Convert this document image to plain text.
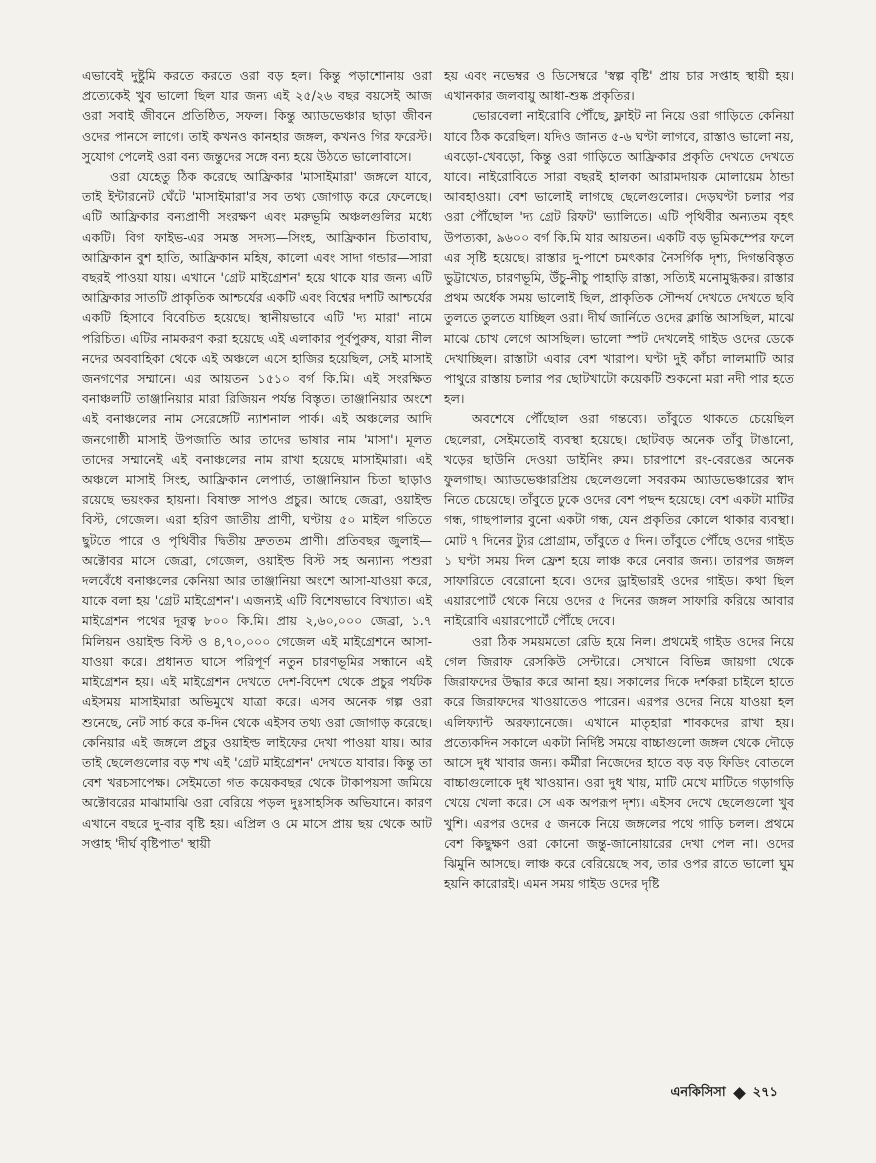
এভাবেই দুষ্টুমি করতে করতে ওরা বড় হল। কিন্তু পড়াশোনায় ওরা প্রত্যেকেই খুব ভালো ছিল যার জন্য এই ২৫/২৬ বছর বয়সেই আজ ওরা সবাই জীবনে প্রতিষ্ঠিত, সফল। কিন্তু অ্যাডভেঞ্চার ছাড়া জীবন ওদের পানসে লাগে। তাই কখনও কানহার জঙ্গল, কখনও গির ফরেস্ট। সুযোগ পেলেই ওরা বন্য জন্তুদের সঙ্গে বন্য হয়ে উঠতে ভালোবাসে।

ওরা যেহেতু ঠিক করেছে আফ্রিকার 'মাসাইমারা' জঙ্গলে যাবে, তাই ইন্টারনেট ঘেঁটে 'মাসাইমারা'র সব তথ্য জোগাড় করে ফেলেছে। এটি আফ্রিকার বন্যপ্রাণী সংরক্ষণ এবং মরুভূমি অঞ্চলগুলির মধ্যে একটি। বিগ ফাইভ-এর সমস্ত সদস্য—সিংহ, আফ্রিকান চিতাবাঘ, আফ্রিকান বুশ হাতি, আফ্রিকান মহিষ, কালো এবং সাদা গন্ডার—সারা বছরই পাওয়া যায়। এখানে 'গ্রেট মাইগ্রেশন' হয়ে থাকে যার জন্য এটি আফ্রিকার সাতটি প্রাকৃতিক আশ্চর্যের একটি এবং বিশ্বের দশটি আশ্চর্যের একটি হিসাবে বিবেচিত হয়েছে। স্থানীয়ভাবে এটি 'দ্য মারা' নামে পরিচিত। এটির নামকরণ করা হয়েছে এই এলাকার পূর্বপুরুষ, যারা নীল নদের অববাহিকা থেকে এই অঞ্চলে এসে হাজির হয়েছিল, সেই মাসাই জনগণের সম্মানে। এর আয়তন ১৫১০ বর্গ কি.মি। এই সংরক্ষিত বনাঞ্চলটি তাঞ্জানিয়ার মারা রিজিয়ন পর্যন্ত বিস্তৃত। তাঞ্জানিয়ার অংশে এই বনাঞ্চলের নাম সেরেঙ্গেটি ন্যাশনাল পার্ক। এই অঞ্চলের আদি জনগোষ্ঠী মাসাই উপজাতি আর তাদের ভাষার নাম 'মাসা'। মূলত তাদের সম্মানেই এই বনাঞ্চলের নাম রাখা হয়েছে মাসাইমারা। এই অঞ্চলে মাসাই সিংহ, আফ্রিকান লেপার্ড, তাঞ্জানিয়ান চিতা ছাড়াও রয়েছে ভয়ংকর হায়না। বিষাক্ত সাপও প্রচুর। আছে জেব্রা, ওয়াইল্ড বিস্ট, গেজেল। এরা হরিণ জাতীয় প্রাণী, ঘণ্টায় ৫০ মাইল গতিতে ছুটতে পারে ও পৃথিবীর দ্বিতীয় দ্রুততম প্রাণী। প্রতিবছর জুলাই—অক্টোবর মাসে জেব্রা, গেজেল, ওয়াইল্ড বিস্ট সহ অন্যান্য পশুরা দলবেঁধে বনাঞ্চলের কেনিয়া আর তাঞ্জানিয়া অংশে আসা-যাওয়া করে, যাকে বলা হয় 'গ্রেট মাইগ্রেশন'। এজন্যই এটি বিশেষভাবে বিখ্যাত। এই মাইগ্রেশন পথের দূরত্ব ৮০০ কি.মি। প্রায় ২,৬০,০০০ জেব্রা, ১.৭ মিলিয়ন ওয়াইল্ড বিস্ট ও ৪,৭০,০০০ গেজেল এই মাইগ্রেশনে আসা-যাওয়া করে। প্রধানত ঘাসে পরিপূর্ণ নতুন চারণভূমির সন্ধানে এই মাইগ্রেশন হয়। এই মাইগ্রেশন দেখতে দেশ-বিদেশ থেকে প্রচুর পর্যটক এইসময় মাসাইমারা অভিমুখে যাত্রা করে। এসব অনেক গল্প ওরা শুনেছে, নেট সার্চ করে ক-দিন থেকে এইসব তথ্য ওরা জোগাড় করেছে। কেনিয়ার এই জঙ্গলে প্রচুর ওয়াইল্ড লাইফের দেখা পাওয়া যায়। আর তাই ছেলেগুলোর বড় শখ এই 'গ্রেট মাইগ্রেশন' দেখতে যাবার। কিন্তু তা বেশ খরচসাপেক্ষ। সেইমতো গত কয়েকবছর থেকে টাকাপয়সা জমিয়ে অক্টোবরের মাঝামাঝি ওরা বেরিয়ে পড়ল দুঃসাহসিক অভিযানে। কারণ এখানে বছরে দু-বার বৃষ্টি হয়। এপ্রিল ও মে মাসে প্রায় ছয় থেকে আট সপ্তাহ 'দীর্ঘ বৃষ্টিপাত' স্থায়ী

হয় এবং নভেম্বর ও ডিসেম্বরে 'স্বল্প বৃষ্টি' প্রায় চার সপ্তাহ স্থায়ী হয়। এখানকার জলবায়ু আধা-শুষ্ক প্রকৃতির।

ভোরবেলা নাইরোবি পৌঁছে, ফ্লাইট না নিয়ে ওরা গাড়িতে কেনিয়া যাবে ঠিক করেছিল। যদিও জানত ৫-৬ ঘণ্টা লাগবে, রাস্তাও ভালো নয়, এবড়ো-খেবড়ো, কিন্তু ওরা গাড়িতে আফ্রিকার প্রকৃতি দেখতে দেখতে যাবে। নাইরোবিতে সারা বছরই হালকা আরামদায়ক মোলায়েম ঠান্ডা আবহাওয়া। বেশ ভালোই লাগছে ছেলেগুলোর। দেড়ঘণ্টা চলার পর ওরা পৌঁছোল 'দ্য গ্রেট রিফট' ভ্যালিতে। এটি পৃথিবীর অন্যতম বৃহৎ উপত্যকা, ৯৬০০ বর্গ কি.মি যার আয়তন। একটি বড় ভূমিকম্পের ফলে এর সৃষ্টি হয়েছে। রাস্তার দু-পাশে চমৎকার নৈসর্গিক দৃশ্য, দিগন্তবিস্তৃত ভুট্টাখেত, চারণভূমি, উঁচু-নীচু পাহাড়ি রাস্তা, সত্যিই মনোমুগ্ধকর। রাস্তার প্রথম অর্ধেক সময় ভালোই ছিল, প্রাকৃতিক সৌন্দর্য দেখতে দেখতে ছবি তুলতে তুলতে যাচ্ছিল ওরা। দীর্ঘ জার্নিতে ওদের ক্লান্তি আসছিল, মাঝে মাঝে চোখ লেগে আসছিল। ভালো স্পট দেখলেই গাইড ওদের ডেকে দেখাচ্ছিল। রাস্তাটা এবার বেশ খারাপ। ঘণ্টা দুই কাঁচা লালমাটি আর পাথুরে রাস্তায় চলার পর ছোটখাটো কয়েকটি শুকনো মরা নদী পার হতে হল।

অবশেষে পৌঁছোল ওরা গন্তব্যে। তাঁবুতে থাকতে চেয়েছিল ছেলেরা, সেইমতোই ব্যবস্থা হয়েছে। ছোটবড় অনেক তাঁবু টাঙানো, খড়ের ছাউনি দেওয়া ডাইনিং রুম। চারপাশে রং-বেরঙের অনেক ফুলগাছ। অ্যাডভেঞ্চারপ্রিয় ছেলেগুলো সবরকম অ্যাডভেঞ্চারের স্বাদ নিতে চেয়েছে। তাঁবুতে ঢুকে ওদের বেশ পছন্দ হয়েছে। বেশ একটা মাটির গন্ধ, গাছপালার বুনো একটা গন্ধ, যেন প্রকৃতির কোলে থাকার ব্যবস্থা। মোট ৭ দিনের ট্যুর প্রোগ্রাম, তাঁবুতে ৫ দিন। তাঁবুতে পৌঁছে ওদের গাইড ১ ঘণ্টা সময় দিল ফ্রেশ হয়ে লাঞ্চ করে নেবার জন্য। তারপর জঙ্গল সাফারিতে বেরোনো হবে। ওদের ড্রাইভারই ওদের গাইড। কথা ছিল এয়ারপোর্ট থেকে নিয়ে ওদের ৫ দিনের জঙ্গল সাফারি করিয়ে আবার নাইরোবি এয়ারপোর্টে পৌঁছে দেবে।

ওরা ঠিক সময়মতো রেডি হয়ে নিল। প্রথমেই গাইড ওদের নিয়ে গেল জিরাফ রেসকিউ সেন্টারে। সেখানে বিভিন্ন জায়গা থেকে জিরাফদের উদ্ধার করে আনা হয়। সকালের দিকে দর্শকরা চাইলে হাতে করে জিরাফদের খাওয়াতেও পারেন। এরপর ওদের নিয়ে যাওয়া হল এলিফ্যান্ট অরফ্যানেজে। এখানে মাতৃহারা শাবকদের রাখা হয়। প্রত্যেকদিন সকালে একটা নির্দিষ্ট সময়ে বাচ্চাগুলো জঙ্গল থেকে দৌড়ে আসে দুধ খাবার জন্য। কর্মীরা নিজেদের হাতে বড় বড় ফিডিং বোতলে বাচ্চাগুলোকে দুধ খাওয়ান। ওরা দুধ খায়, মাটি মেখে মাটিতে গড়াগড়ি খেয়ে খেলা করে। সে এক অপরূপ দৃশ্য। এইসব দেখে ছেলেগুলো খুব খুশি। এরপর ওদের ৫ জনকে নিয়ে জঙ্গলের পথে গাড়ি চলল। প্রথমে বেশ কিছুক্ষণ ওরা কোনো জন্তু-জানোয়ারের দেখা পেল না। ওদের ঝিমুনি আসছে। লাঞ্চ করে বেরিয়েছে সব, তার ওপর রাতে ভালো ঘুম হয়নি কারোরই। এমন সময় গাইড ওদের দৃষ্টি

এনকিসিসা ২৭১
